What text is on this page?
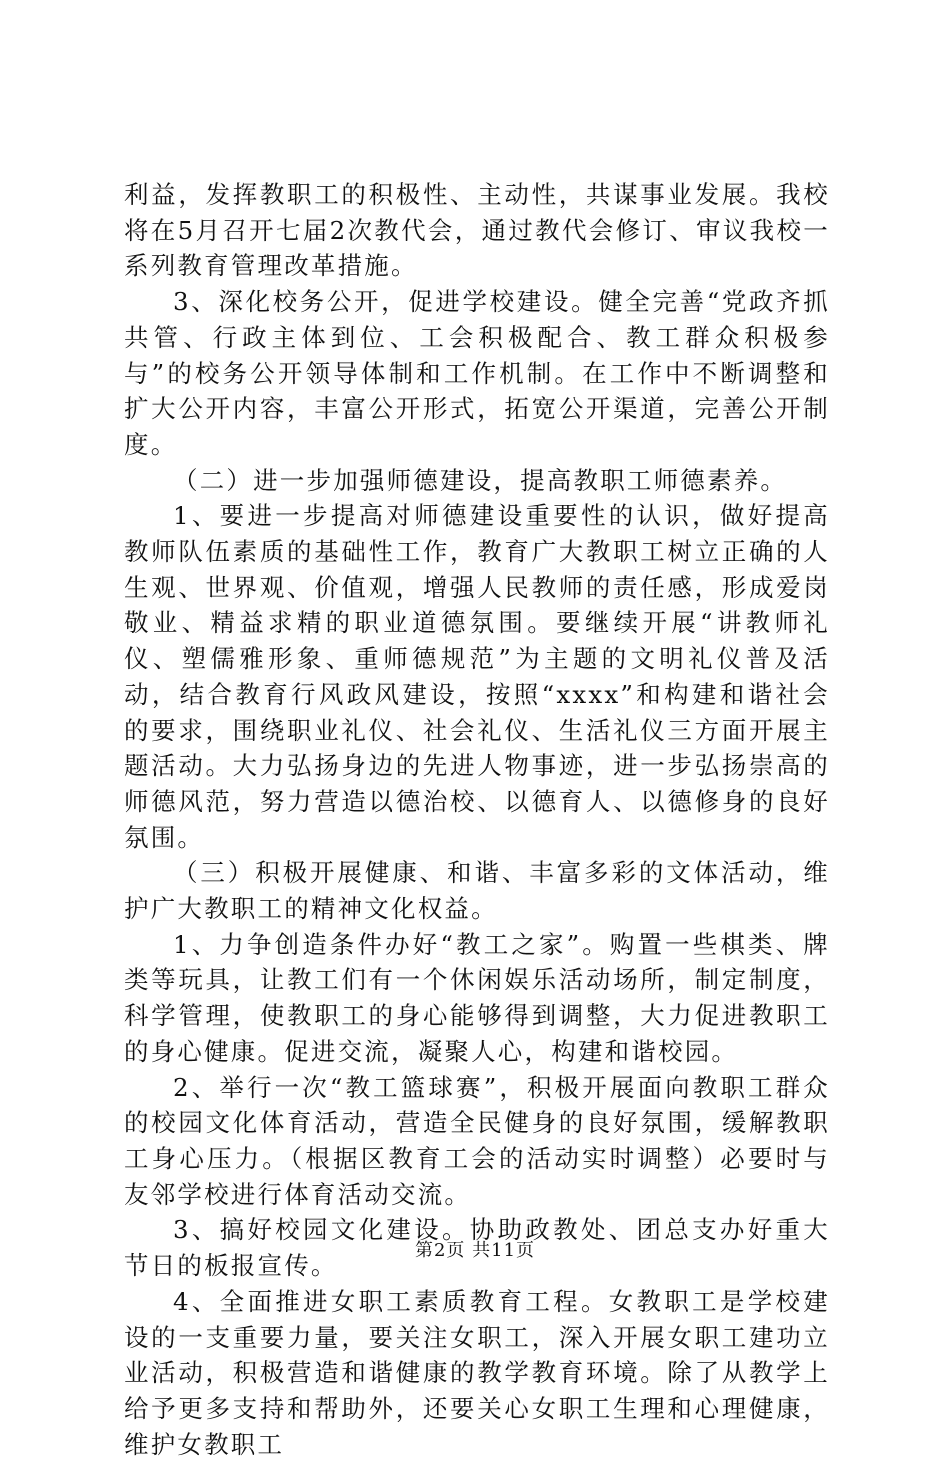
利益，发挥教职工的积极性、主动性，共谋事业发展。我校将在5月召开七届2次教代会，通过教代会修订、审议我校一系列教育管理改革措施。

3、深化校务公开，促进学校建设。健全完善“党政齐抓共管、行政主体到位、工会积极配合、教工群众积极参与”的校务公开领导体制和工作机制。在工作中不断调整和扩大公开内容，丰富公开形式，拓宽公开渠道，完善公开制度。

（二）进一步加强师德建设，提高教职工师德素养。

1、要进一步提高对师德建设重要性的认识，做好提高教师队伍素质的基础性工作，教育广大教职工树立正确的人生观、世界观、价值观，增强人民教师的责任感，形成爱岗敬业、精益求精的职业道德氛围。要继续开展“讲教师礼仪、塑儒雅形象、重师德规范”为主题的文明礼仪普及活动，结合教育行风政风建设，按照“xxxx”和构建和谐社会的要求，围绕职业礼仪、社会礼仪、生活礼仪三方面开展主题活动。大力弘扬身边的先进人物事迹，进一步弘扬崇高的师德风范，努力营造以德治校、以德育人、以德修身的良好氛围。

（三）积极开展健康、和谐、丰富多彩的文体活动，维护广大教职工的精神文化权益。

1、力争创造条件办好“教工之家”。购置一些棋类、牌类等玩具，让教工们有一个休闲娱乐活动场所，制定制度，科学管理，使教职工的身心能够得到调整，大力促进教职工的身心健康。促进交流，凝聚人心，构建和谐校园。

2、举行一次“教工篮球赛”，积极开展面向教职工群众的校园文化体育活动，营造全民健身的良好氛围，缓解教职工身心压力。（根据区教育工会的活动实时调整）必要时与友邻学校进行体育活动交流。

3、搞好校园文化建设。协助政教处、团总支办好重大节日的板报宣传。

4、全面推进女职工素质教育工程。女教职工是学校建设的一支重要力量，要关注女职工，深入开展女职工建功立业活动，积极营造和谐健康的教学教育环境。除了从教学上给予更多支持和帮助外，还要关心女职工生理和心理健康，维护女教职工

第2页 共11页
